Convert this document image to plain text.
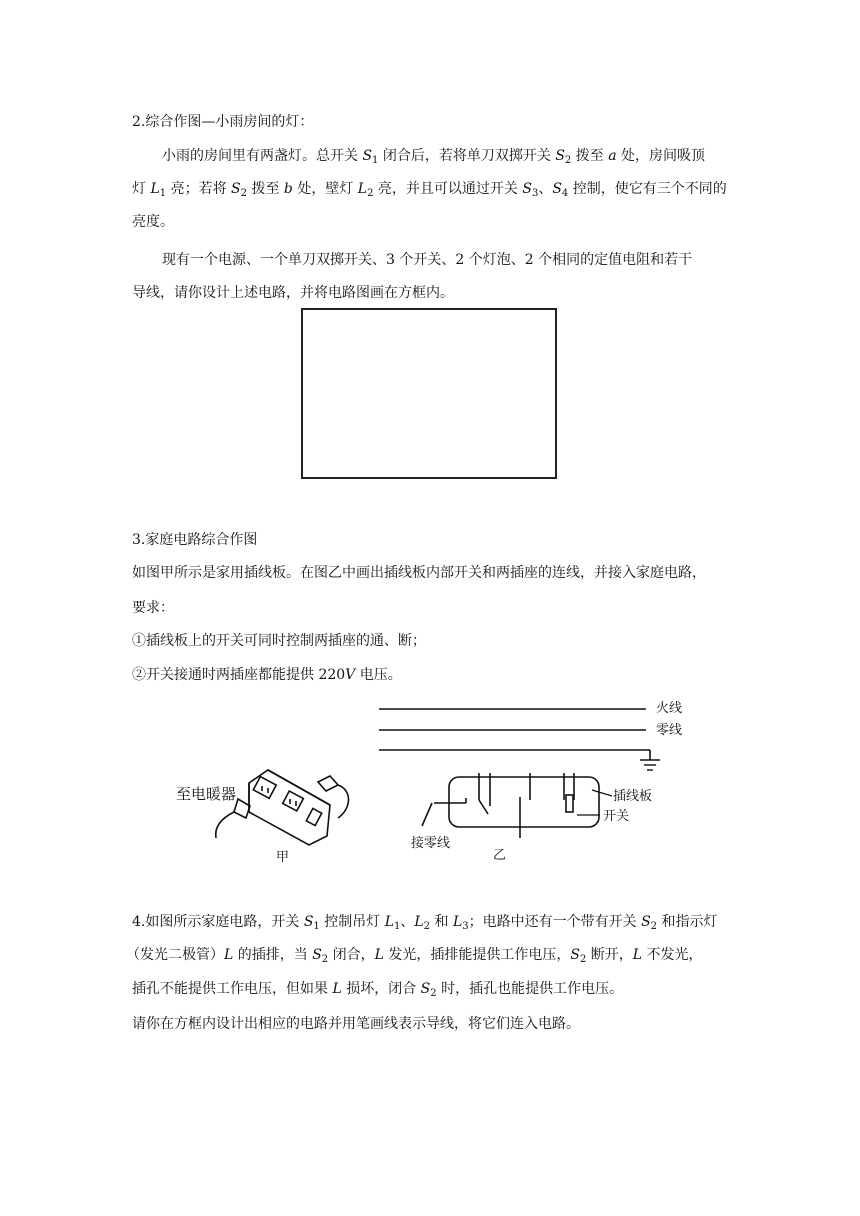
2.综合作图—小雨房间的灯：
小雨的房间里有两盏灯。总开关 $S_1$ 闭合后，若将单刀双掷开关 $S_2$ 拨至 a 处，房间吸顶
灯 $L_1$ 亮；若将 $S_2$ 拨至 b 处，壁灯 $L_2$ 亮，并且可以通过开关 $S_3$、$S_4$ 控制，使它有三个不同的
亮度。
现有一个电源、一个单刀双掷开关、3 个开关、2 个灯泡、2 个相同的定值电阻和若干
导线，请你设计上述电路，并将电路图画在方框内。
3.家庭电路综合作图
如图甲所示是家用插线板。在图乙中画出插线板内部开关和两插座的连线，并接入家庭电路，
要求：
①插线板上的开关可同时控制两插座的通、断；
②开关接通时两插座都能提供 220V 电压。
火线
零线
插线板
开关
接零线
乙
至电暖器
甲
4.如图所示家庭电路，开关 $S_1$ 控制吊灯 $L_1$、$L_2$ 和 $L_3$；电路中还有一个带有开关 $S_2$ 和指示灯
（发光二极管）L 的插排，当 $S_2$ 闭合，L 发光，插排能提供工作电压，$S_2$ 断开，L 不发光，
插孔不能提供工作电压，但如果 L 损坏，闭合 $S_2$ 时，插孔也能提供工作电压。
请你在方框内设计出相应的电路并用笔画线表示导线，将它们连入电路。
